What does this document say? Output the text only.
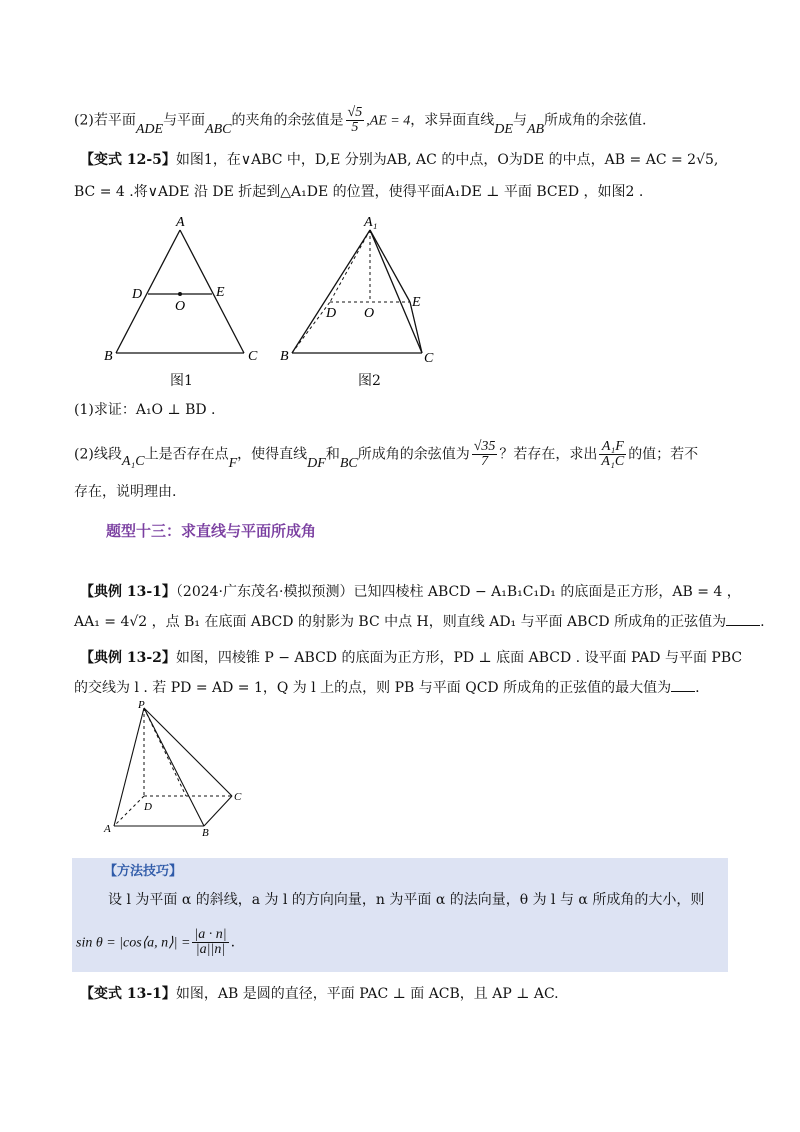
(2)若平面ADE与平面ABC的夹角的余弦值是 $\frac{√5}{5} ,AE = 4$，求异面直线DE与AB所成角的余弦值.
【变式 12-5】如图1，在∨ABC 中，D,E 分别为AB, AC 的中点，O为DE 的中点，AB = AC = 2√5,
BC = 4 .将∨ADE 沿 DE 折起到△A₁DE 的位置，使得平面A₁DE ⊥ 平面 BCED ，如图2 .
A
D
O
E
B	C
图1
A₁
D O
E
B	C
图2
(1)求证：A₁O ⊥ BD .
(2)线段A₁C上是否存在点F，使得直线DF和BC所成角的余弦值为 $\frac{√35}{7}$ ？若存在，求出 $\frac{\text{A₁F}}{\text{A₁C}}$ 的值；若不
存在，说明理由.
题型十三：求直线与平面所成角
【典例 13-1】（2024·广东茂名·模拟预测）已知四棱柱 ABCD − A₁B₁C₁D₁ 的底面是正方形，AB = 4 ，
AA₁ = 4√2 ，点 B₁ 在底面 ABCD 的射影为 BC 中点 H，则直线 AD₁ 与平面 ABCD 所成角的正弦值为 .
【典例 13-2】如图，四棱锥 P − ABCD 的底面为正方形，PD ⊥ 底面 ABCD . 设平面 PAD 与平面 PBC
的交线为 l . 若 PD = AD = 1，Q 为 l 上的点，则 PB 与平面 QCD 所成角的正弦值的最大值为 .
P
D
C
A	B
【方法技巧】
设 l 为平面 α 的斜线，a 为 l 的方向向量，n 为平面 α 的法向量，θ 为 l 与 α 所成角的大小，则
sin θ = |cos⟨a, n⟩| = $\frac{|a \cdot n|}{|a||n|}$ .
【变式 13-1】如图，AB 是圆的直径，平面 PAC ⊥ 面 ACB，且 AP ⊥ AC.
